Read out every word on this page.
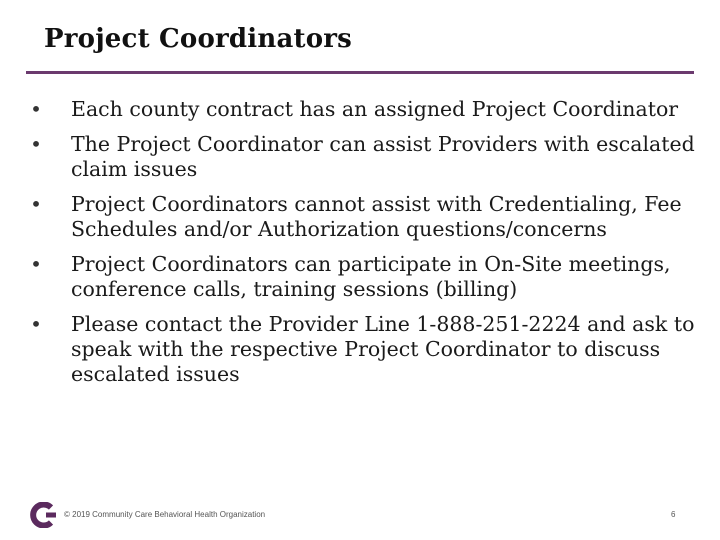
Project Coordinators
• Each county contract has an assigned Project Coordinator
• The Project Coordinator can assist Providers with escalated claim issues
• Project Coordinators cannot assist with Credentialing, Fee Schedules and/or Authorization questions/concerns
• Project Coordinators can participate in On-Site meetings, conference calls, training sessions (billing)
• Please contact the Provider Line 1-888-251-2224 and ask to speak with the respective Project Coordinator to discuss escalated issues
© 2019 Community Care Behavioral Health Organization	6
